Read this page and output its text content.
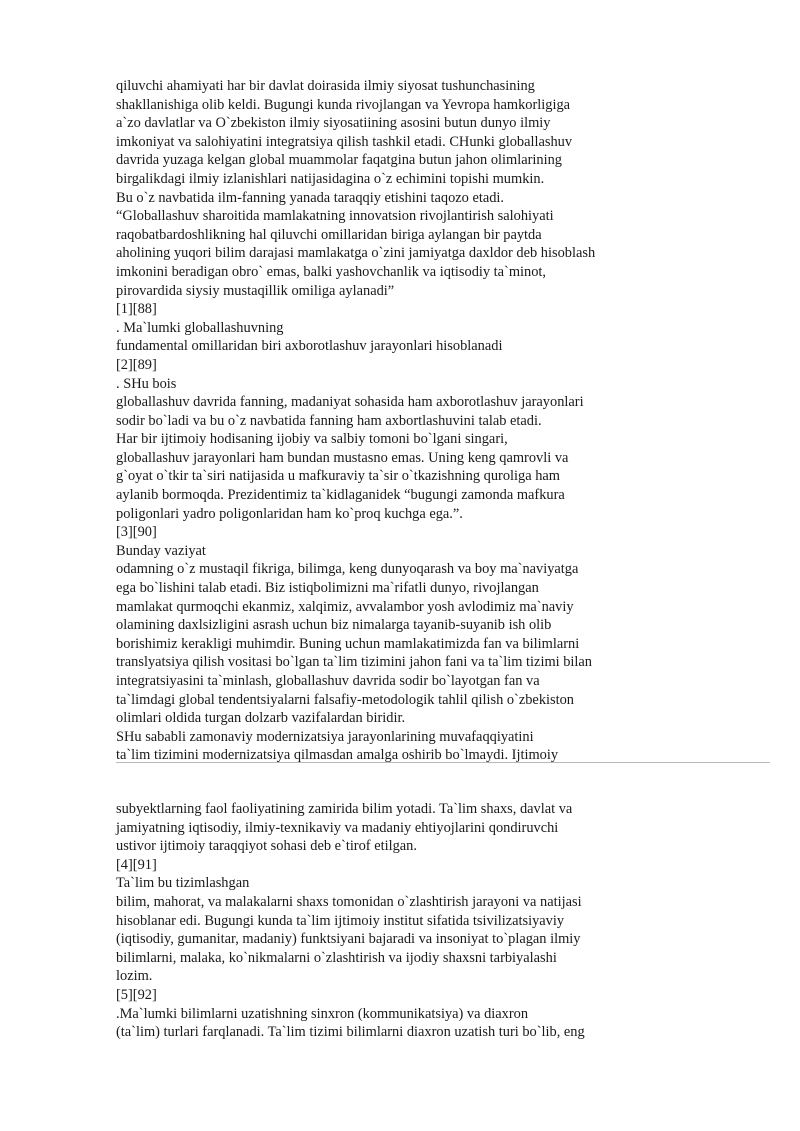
qiluvchi ahamiyati har bir davlat doirasida ilmiy siyosat tushunchasining
shakllanishiga olib keldi. Bugungi kunda rivojlangan va Yevropa hamkorligiga
a`zo davlatlar va O`zbekiston ilmiy siyosatiining asosini butun dunyo ilmiy
imkoniyat va salohiyatini integratsiya qilish tashkil etadi. CHunki globallashuv
davrida yuzaga kelgan global muammolar faqatgina butun jahon olimlarining
birgalikdagi ilmiy izlanishlari natijasidagina o`z echimini topishi mumkin.
Bu o`z navbatida ilm-fanning yanada taraqqiy etishini taqozo etadi.
“Globallashuv sharoitida mamlakatning innovatsion rivojlantirish salohiyati
raqobatbardoshlikning hal qiluvchi omillaridan biriga aylangan bir paytda
aholining yuqori bilim darajasi mamlakatga o`zini jamiyatga daxldor deb hisoblash
imkonini beradigan obro` emas, balki yashovchanlik va iqtisodiy ta`minot,
pirovardida siysiy mustaqillik omiliga aylanadi”
[1][88]
. Ma`lumki globallashuvning
fundamental omillaridan biri axborotlashuv jarayonlari hisoblanadi
[2][89]
. SHu bois
globallashuv davrida fanning, madaniyat sohasida ham axborotlashuv jarayonlari
sodir bo`ladi va bu o`z navbatida fanning ham axbortlashuvini talab etadi.
Har bir ijtimoiy hodisaning ijobiy va salbiy tomoni bo`lgani singari,
globallashuv jarayonlari ham bundan mustasno emas. Uning keng qamrovli va
g`oyat o`tkir ta`siri natijasida u mafkuraviy ta`sir o`tkazishning quroliga ham
aylanib bormoqda. Prezidentimiz ta`kidlaganidek “bugungi zamonda mafkura
poligonlari yadro poligonlaridan ham ko`proq kuchga ega.”.
[3][90]
Bunday vaziyat
odamning o`z mustaqil fikriga, bilimga, keng dunyoqarash va boy ma`naviyatga
ega bo`lishini talab etadi. Biz istiqbolimizni ma`rifatli dunyo, rivojlangan
mamlakat qurmoqchi ekanmiz, xalqimiz, avvalambor yosh avlodimiz ma`naviy
olamining daxlsizligini asrash uchun biz nimalarga tayanib-suyanib ish olib
borishimiz kerakligi muhimdir. Buning uchun mamlakatimizda fan va bilimlarni
translyatsiya qilish vositasi bo`lgan ta`lim tizimini jahon fani va ta`lim tizimi bilan
integratsiyasini ta`minlash, globallashuv davrida sodir bo`layotgan fan va
ta`limdagi global tendentsiyalarni falsafiy-metodologik tahlil qilish o`zbekiston
olimlari oldida turgan dolzarb vazifalardan biridir.
SHu sababli zamonaviy modernizatsiya jarayonlarining muvafaqqiyatini
ta`lim tizimini modernizatsiya qilmasdan amalga oshirib bo`lmaydi. Ijtimoiy
subyektlarning faol faoliyatining zamirida bilim yotadi. Ta`lim shaxs, davlat va
jamiyatning iqtisodiy, ilmiy-texnikaviy va madaniy ehtiyojlarini qondiruvchi
ustivor ijtimoiy taraqqiyot sohasi deb e`tirof etilgan.
[4][91]
Ta`lim bu tizimlashgan
bilim, mahorat, va malakalarni shaxs tomonidan o`zlashtirish jarayoni va natijasi
hisoblanar edi. Bugungi kunda ta`lim ijtimoiy institut sifatida tsivilizatsiyaviy
(iqtisodiy, gumanitar, madaniy) funktsiyani bajaradi va insoniyat to`plagan ilmiy
bilimlarni, malaka, ko`nikmalarni o`zlashtirish va ijodiy shaxsni tarbiyalashi
lozim.
[5][92]
.Ma`lumki bilimlarni uzatishning sinxron (kommunikatsiya) va diaxron
(ta`lim) turlari farqlanadi. Ta`lim tizimi bilimlarni diaxron uzatish turi bo`lib, eng
